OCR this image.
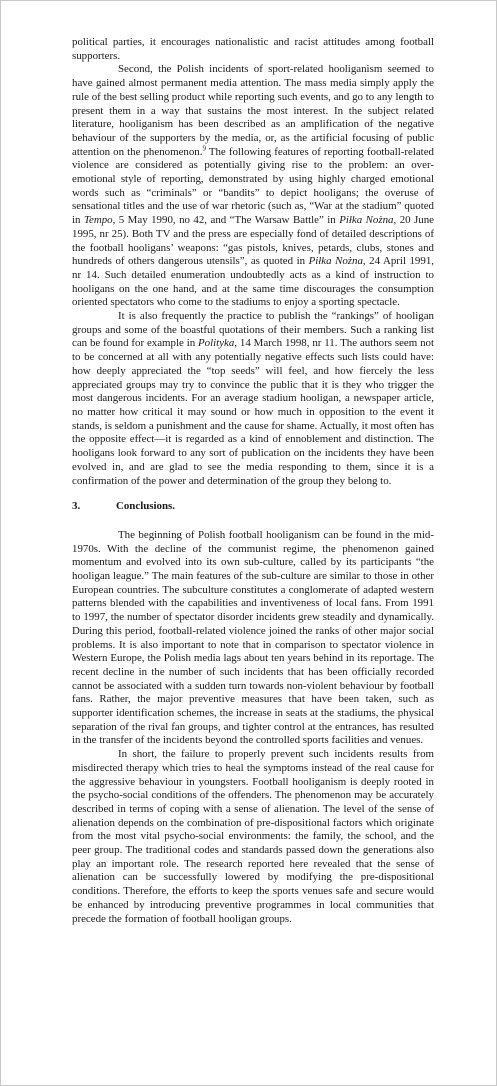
political parties, it encourages nationalistic and racist attitudes among football supporters.

Second, the Polish incidents of sport-related hooliganism seemed to have gained almost permanent media attention. The mass media simply apply the rule of the best selling product while reporting such events, and go to any length to present them in a way that sustains the most interest. In the subject related literature, hooliganism has been described as an amplification of the negative behaviour of the supporters by the media, or, as the artificial focusing of public attention on the phenomenon.$^9$ The following features of reporting football-related violence are considered as potentially giving rise to the problem: an over-emotional style of reporting, demonstrated by using highly charged emotional words such as “criminals” or “bandits” to depict hooligans; the overuse of sensational titles and the use of war rhetoric (such as, “War at the stadium” quoted in Tempo, 5 May 1990, no 42, and “The Warsaw Battle” in Piłka Nożna, 20 June 1995, nr 25). Both TV and the press are especially fond of detailed descriptions of the football hooligans’ weapons: “gas pistols, knives, petards, clubs, stones and hundreds of others dangerous utensils”, as quoted in Piłka Nożna, 24 April 1991, nr 14. Such detailed enumeration undoubtedly acts as a kind of instruction to hooligans on the one hand, and at the same time discourages the consumption oriented spectators who come to the stadiums to enjoy a sporting spectacle.

It is also frequently the practice to publish the “rankings” of hooligan groups and some of the boastful quotations of their members. Such a ranking list can be found for example in Polityka, 14 March 1998, nr 11. The authors seem not to be concerned at all with any potentially negative effects such lists could have: how deeply appreciated the “top seeds” will feel, and how fiercely the less appreciated groups may try to convince the public that it is they who trigger the most dangerous incidents. For an average stadium hooligan, a newspaper article, no matter how critical it may sound or how much in opposition to the event it stands, is seldom a punishment and the cause for shame. Actually, it most often has the opposite effect—it is regarded as a kind of ennoblement and distinction. The hooligans look forward to any sort of publication on the incidents they have been evolved in, and are glad to see the media responding to them, since it is a confirmation of the power and determination of the group they belong to.

3.	Conclusions.

The beginning of Polish football hooliganism can be found in the mid-1970s. With the decline of the communist regime, the phenomenon gained momentum and evolved into its own sub-culture, called by its participants “the hooligan league.” The main features of the sub-culture are similar to those in other European countries. The subculture constitutes a conglomerate of adapted western patterns blended with the capabilities and inventiveness of local fans. From 1991 to 1997, the number of spectator disorder incidents grew steadily and dynamically. During this period, football-related violence joined the ranks of other major social problems. It is also important to note that in comparison to spectator violence in Western Europe, the Polish media lags about ten years behind in its reportage. The recent decline in the number of such incidents that has been officially recorded cannot be associated with a sudden turn towards non-violent behaviour by football fans. Rather, the major preventive measures that have been taken, such as supporter identification schemes, the increase in seats at the stadiums, the physical separation of the rival fan groups, and tighter control at the entrances, has resulted in the transfer of the incidents beyond the controlled sports facilities and venues.

In short, the failure to properly prevent such incidents results from misdirected therapy which tries to heal the symptoms instead of the real cause for the aggressive behaviour in youngsters. Football hooliganism is deeply rooted in the psycho-social conditions of the offenders. The phenomenon may be accurately described in terms of coping with a sense of alienation. The level of the sense of alienation depends on the combination of pre-dispositional factors which originate from the most vital psycho-social environments: the family, the school, and the peer group. The traditional codes and standards passed down the generations also play an important role. The research reported here revealed that the sense of alienation can be successfully lowered by modifying the pre-dispositional conditions. Therefore, the efforts to keep the sports venues safe and secure would be enhanced by introducing preventive programmes in local communities that precede the formation of football hooligan groups.
